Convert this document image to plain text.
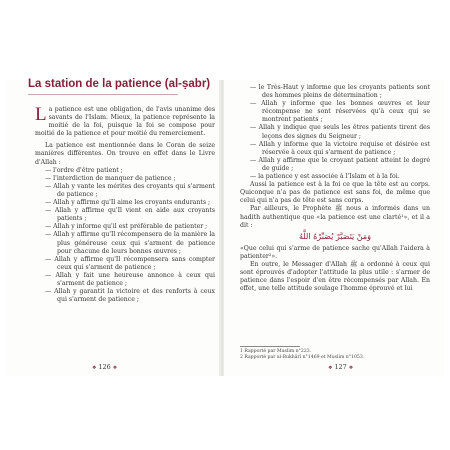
La station de la patience (al-ṣabr)

La patience est une obligation, de l'avis unanime des savants de l'Islam. Mieux, la patience représente la moitié de la foi, puisque la foi se compose pour moitié de la patience et pour moitié du remerciement.

La patience est mentionnée dans le Coran de seize manières différentes. On trouve en effet dans le Livre d'Allah :

— l'ordre d'être patient ;
— l'interdiction de manquer de patience ;
— Allah y vante les mérites des croyants qui s'arment de patience ;
— Allah y affirme qu'Il aime les croyants endurants ;
— Allah y affirme qu'Il vient en aide aux croyants patients ;
— Allah y informe qu'il est préférable de patienter ;
— Allah y affirme qu'Il récompensera de la manière la plus généreuse ceux qui s'arment de patience pour chacune de leurs bonnes œuvres ;
— Allah y affirme qu'Il récompensera sans compter ceux qui s'arment de patience ;
— Allah y fait une heureuse annonce à ceux qui s'arment de patience ;
— Allah y garantit la victoire et des renforts à ceux qui s'arment de patience ;
— le Très-Haut y informe que les croyants patients sont des hommes pleins de détermination ;
— Allah y informe que les bonnes œuvres et leur récompense ne sont réservées qu'à ceux qui se montrent patients ;
— Allah y indique que seuls les êtres patients tirent des leçons des signes du Seigneur ;
— Allah y informe que la victoire requise et désirée est réservée à ceux qui s'arment de patience ;
— Allah y affirme que le croyant patient atteint le degré de guide ;
— la patience y est associée à l'Islam et à la foi.

Aussi la patience est à la foi ce que la tête est au corps. Quiconque n'a pas de patience est sans foi, de même que celui qui n'a pas de tête est sans corps.

Par ailleurs, le Prophète ﷺ nous a informés dans un hadith authentique que «la patience est une clarté¹», et il a dit :

وَمَنْ يَتَصَبَّرْ يُصَبِّرْهُ اللَّهُ

«Que celui qui s'arme de patience sache qu'Allah l'aidera à patienter²».

En outre, le Messager d'Allah ﷺ a ordonné à ceux qui sont éprouvés d'adopter l'attitude la plus utile : s'armer de patience dans l'espoir d'en être récompensés par Allah. En effet, une telle attitude soulage l'homme éprouvé et lui

1 Rapporté par Muslim n°223.
2 Rapporté par al-Bukhârî n°1469 et Muslim n°1053.
❖ 126 ❖	❖ 127 ❖
